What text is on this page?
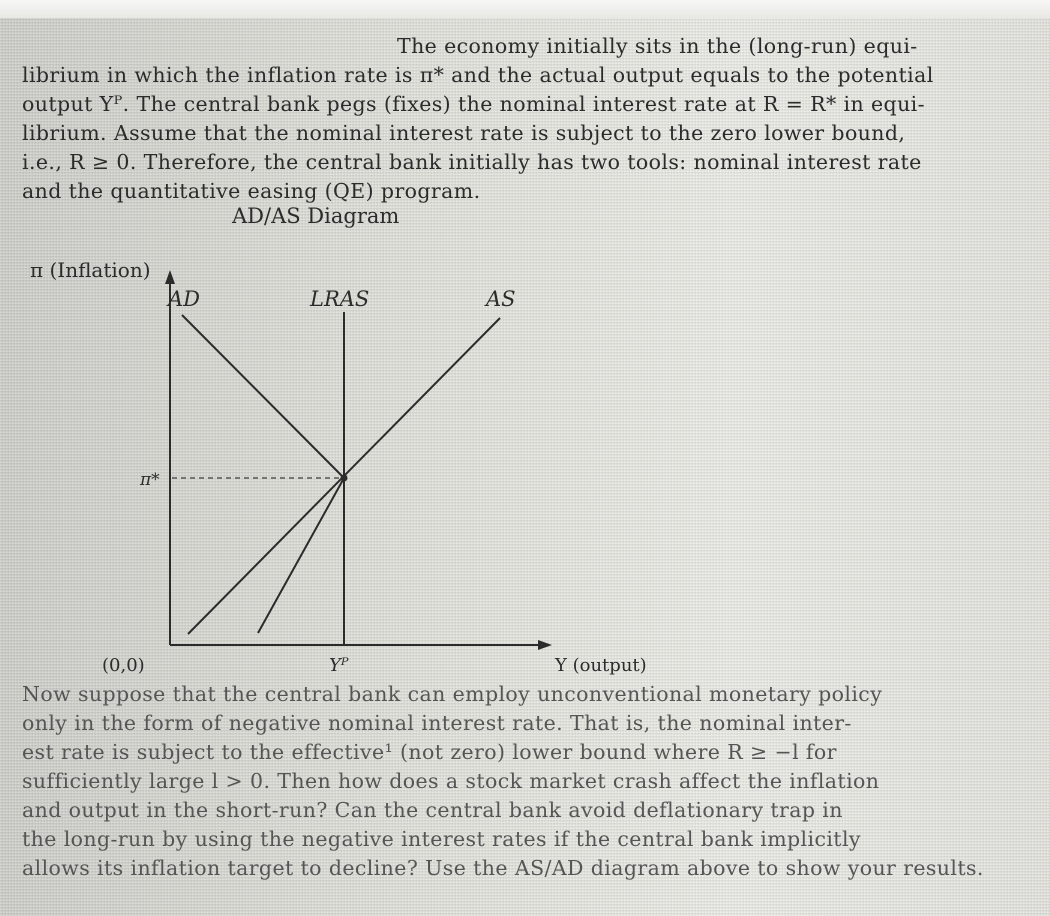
The economy initially sits in the (long-run) equi-
librium in which the inflation rate is π* and the actual output equals to the potential
output Yᴾ. The central bank pegs (fixes) the nominal interest rate at R = R* in equi-
librium. Assume that the nominal interest rate is subject to the zero lower bound,
i.e., R ≥ 0. Therefore, the central bank initially has two tools: nominal interest rate
and the quantitative easing (QE) program.
AD/AS Diagram
π (Inflation)
AD	LRAS	AS
π*
(0,0)	Yᴾ	Y (output)
Now suppose that the central bank can employ unconventional monetary policy
only in the form of negative nominal interest rate. That is, the nominal inter-
est rate is subject to the effective¹ (not zero) lower bound where R ≥ −l for
sufficiently large l > 0. Then how does a stock market crash affect the inflation
and output in the short-run? Can the central bank avoid deflationary trap in
the long-run by using the negative interest rates if the central bank implicitly
allows its inflation target to decline? Use the AS/AD diagram above to show your results.
